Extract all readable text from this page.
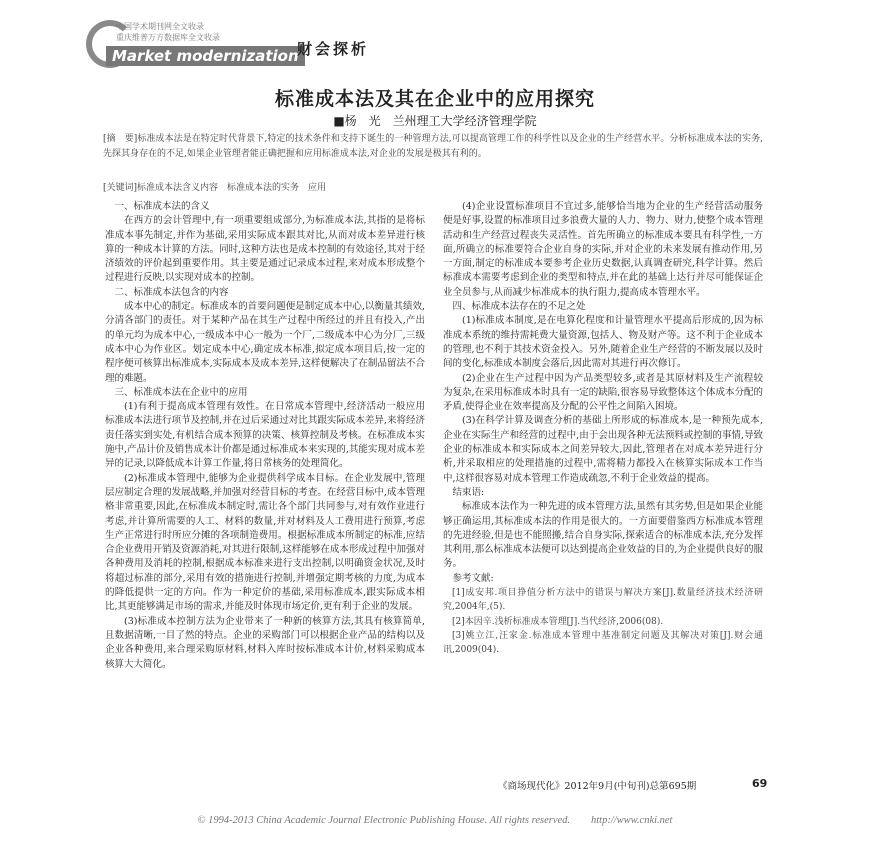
中国学术期刊网全文收录
重庆维普万方数据库全文收录
Market modernization
财会探析
标准成本法及其在企业中的应用探究
■杨　光　兰州理工大学经济管理学院
[摘　要]标准成本法是在特定时代背景下,特定的技术条件和支持下诞生的一种管理方法,可以提高管理工作的科学性以及企业的生产经营水平。分析标准成本法的实务,先探其身存在的不足,如果企业管理者能正确把握和应用标准成本法,对企业的发展是极其有利的。
[关键词]标准成本法含义内容　标准成本法的实务　应用

一、标准成本法的含义

在西方的会计管理中,有一项重要组成部分,为标准成本法,其指的是将标准成本事先制定,并作为基础,采用实际成本跟其对比,从而对成本差异进行核算的一种成本计算的方法。同时,这种方法也是成本控制的有效途径,其对于经济绩效的评价起到重要作用。其主要是通过记录成本过程,来对成本形成整个过程进行反映,以实现对成本的控制。

二、标准成本法包含的内容

成本中心的制定。标准成本的首要问题便是制定成本中心,以衡量其绩效,分清各部门的责任。对于某种产品在其生产过程中所经过的并且有投入,产出的单元均为成本中心,一级成本中心一般为一个厂,二级成本中心为分厂,三级成本中心为作业区。划定成本中心,确定成本标准,拟定成本项目后,按一定的程序便可核算出标准成本,实际成本及成本差异,这样便解决了在制品留法不合理的难题。

三、标准成本法在企业中的应用

(1)有利于提高成本管理有效性。在日常成本管理中,经济活动一般应用标准成本法进行项节及控制,并在过后采通过对比其跟实际成本差异,来将经济责任落实到实处,有机结合成本预算的决策、核算控制及考核。在标准成本实施中,产品计价及销售成本计价都是通过标准成本来实现的,其能实现对成本差异的记录,以降低成本计算工作量,将日常核务的处理简化。

(2)标准成本管理中,能够为企业提供科学成本目标。在企业发展中,管理层应制定合理的发展战略,并加强对经营目标的考查。在经营目标中,成本管理格非常重要,因此,在标准成本制定时,需让各个部门共同参与,对有效作业进行考虑,并计算所需要的人工、材料的数量,并对材料及人工费用进行预算,考虑生产正常进行时所应分摊的各项制造费用。根据标准成本所制定的标准,应结合企业费用开销及资源消耗,对其进行限制,这样能够在成本形成过程中加强对各种费用及消耗的控制,根据成本标准来进行支出控制,以明确资金状况,及时将超过标准的部分,采用有效的措施进行控制,并增强定期考核的力度,为成本的降低提供一定的方向。作为一种定价的基础,采用标准成本,跟实际成本相比,其更能够满足市场的需求,并能及时体现市场定价,更有利于企业的发展。

(3)标准成本控制方法为企业带来了一种新的核算方法,其具有核算简单,且数据清晰,一目了然的特点。企业的采购部门可以根据企业产品的结构以及企业各种费用,来合理采购原材料,材料入库时按标准成本计价,材料采购成本核算大大简化。

(4)企业设置标准项目不宜过多,能够恰当地为企业的生产经营活动服务便是好事,设置的标准项目过多浪费大量的人力、物力、财力,使整个成本管理活动和生产经营过程丧失灵活性。首先所确立的标准成本要具有科学性,一方面,所确立的标准要符合企业自身的实际,并对企业的未来发展有推动作用,另一方面,制定的标准成本要参考企业历史数据,认真调查研究,科学计算。然后标准成本需要考虑到企业的类型和特点,并在此的基础上达行并尽可能保证企业全员参与,从而减少标准成本的执行阻力,提高成本管理水平。

四、标准成本法存在的不足之处

(1)标准成本制度,是在电算化程度和计量管理水平提高后形成的,因为标准成本系统的维持需耗费大量资源,包括人、物及财产等。这不利于企业成本的管理,也不利于其技术资金投入。另外,随着企业生产经营的不断发展以及时间的变化,标准成本制度会落后,因此需对其进行再次修订。

(2)企业在生产过程中因为产品类型较多,或者是其原材料及生产流程较为复杂,在采用标准成本时具有一定的缺陷,很容易导致整体这个体成本分配的矛盾,使得企业在效率提高及分配的公平性之间陷入困境。

(3)在科学计算及调查分析的基础上所形成的标准成本,是一种预先成本,企业在实际生产和经营的过程中,由于会出现各种无法预料或控制的事情,导致企业的标准成本和实际成本之间差异较大,因此,管理者在对成本差异进行分析,并采取相应的处理措施的过程中,需将精力都投入在核算实际成本工作当中,这样很容易对成本管理工作造成疏忽,不利于企业效益的提高。

结束语:

标准成本法作为一种先进的成本管理方法,虽然有其劣势,但是如果企业能够正确运用,其标准成本法的作用是很大的。一方面要借鉴西方标准成本管理的先进经验,但是也不能照搬,结合自身实际,探索适合的标准成本法,充分发挥其利用,那么标准成本法便可以达到提高企业效益的目的,为企业提供良好的服务。

参考文献:

[1]成安邦.项目挣值分析方法中的错误与解决方案[J].数量经济技术经济研究,2004年,(5).

[2]本因辛.浅析标准成本管理[J].当代经济,2006(08).

[3]姚立江,汪家金.标准成本管理中基准制定问题及其解决对策[J].财会通讯,2009(04).

《商场现代化》2012年9月(中旬刊)总第695期	69
© 1994-2013 China Academic Journal Electronic Publishing House. All rights reserved.　　http://www.cnki.net
